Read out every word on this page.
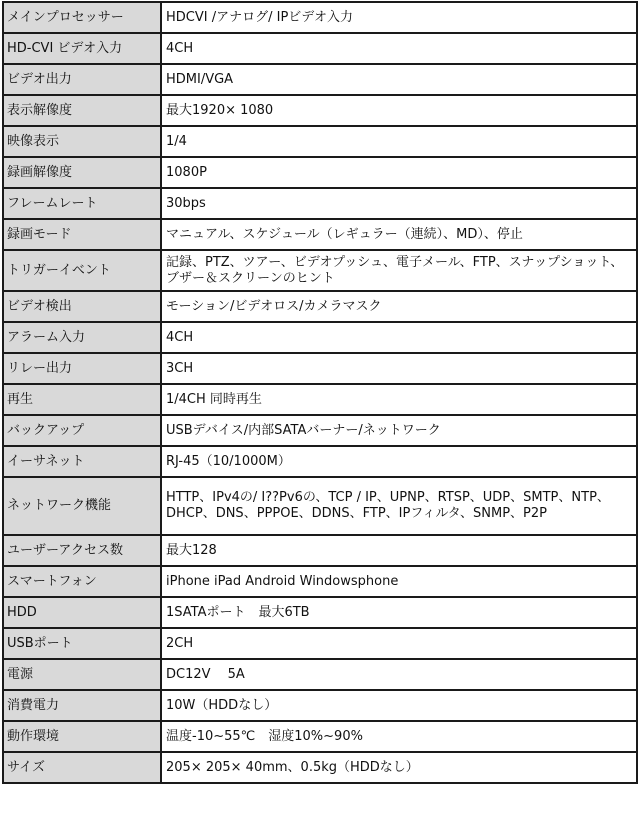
メインプロセッサー	HDCVI /アナログ/ IPビデオ入力
HD-CVI ビデオ入力	4CH
ビデオ出力	HDMI/VGA
表示解像度	最大1920× 1080
映像表示	1/4
録画解像度	1080P
フレームレート	30bps
録画モード	マニュアル、スケジュール（レギュラー（連続）、MD）、停止
トリガーイベント	記録、PTZ、ツアー、ビデオプッシュ、電子メール、FTP、スナップショット、ブザー＆スクリーンのヒント
ビデオ検出	モーション/ビデオロス/カメラマスク
アラーム入力	4CH
リレー出力	3CH
再生	1/4CH 同時再生
バックアップ	USBデバイス/内部SATAバーナー/ネットワーク
イーサネット	RJ-45（10/1000M）
ネットワーク機能	HTTP、IPv4の/ I??Pv6の、TCP / IP、UPNP、RTSP、UDP、SMTP、NTP、DHCP、DNS、PPPOE、DDNS、FTP、IPフィルタ、SNMP、P2P
ユーザーアクセス数	最大128
スマートフォン	iPhone iPad Android Windowsphone
HDD	1SATAポート　最大6TB
USBポート	2CH
電源	DC12V　 5A
消費電力	10W（HDDなし）
動作環境	温度-10~55℃　湿度10%~90%
サイズ	205× 205× 40mm、0.5kg（HDDなし）
